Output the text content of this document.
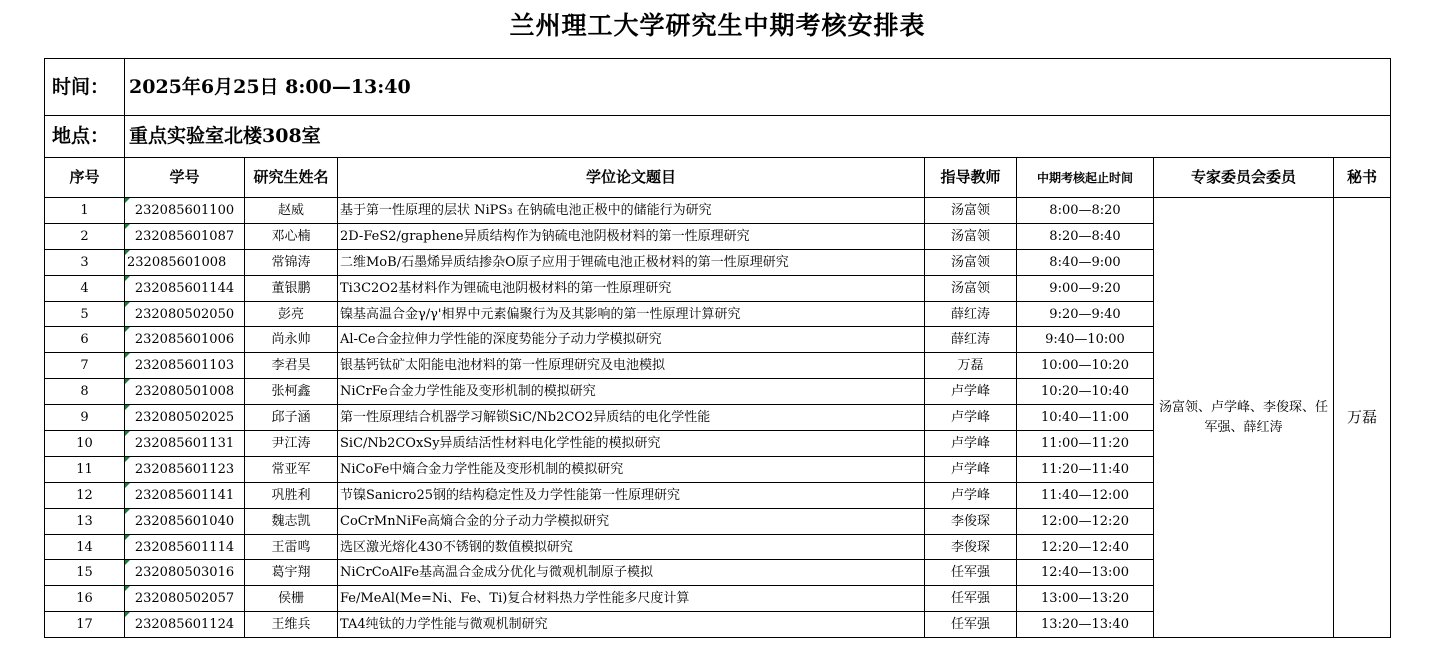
兰州理工大学研究生中期考核安排表
时间：	2025年6月25日 8:00—13:40						
地点：	重点实验室北楼308室						
序号	学号	研究生姓名	学位论文题目	指导教师	中期考核起止时间	专家委员会委员	秘书
1	232085601100	赵威	基于第一性原理的层状 NiPS₃ 在钠硫电池正极中的储能行为研究	汤富领	8:00—8:20	汤富领、卢学峰、李俊琛、任军强、薛红涛	万磊
2	232085601087	邓心楠	2D-FeS2/graphene异质结构作为钠硫电池阴极材料的第一性原理研究	汤富领	8:20—8:40		
3	232085601008	常锦涛	二维MoB/石墨烯异质结掺杂O原子应用于锂硫电池正极材料的第一性原理研究	汤富领	8:40—9:00		
4	232085601144	董银鹏	Ti3C2O2基材料作为锂硫电池阴极材料的第一性原理研究	汤富领	9:00—9:20		
5	232080502050	彭亮	镍基高温合金γ/γ'相界中元素偏聚行为及其影响的第一性原理计算研究	薛红涛	9:20—9:40		
6	232085601006	尚永帅	Al-Ce合金拉伸力学性能的深度势能分子动力学模拟研究	薛红涛	9:40—10:00		
7	232085601103	李君昊	银基钙钛矿太阳能电池材料的第一性原理研究及电池模拟	万磊	10:00—10:20		
8	232080501008	张柯鑫	NiCrFe合金力学性能及变形机制的模拟研究	卢学峰	10:20—10:40		
9	232080502025	邱子涵	第一性原理结合机器学习解锁SiC/Nb2CO2异质结的电化学性能	卢学峰	10:40—11:00		
10	232085601131	尹江涛	SiC/Nb2COxSy异质结活性材料电化学性能的模拟研究	卢学峰	11:00—11:20		
11	232085601123	常亚军	NiCoFe中熵合金力学性能及变形机制的模拟研究	卢学峰	11:20—11:40		
12	232085601141	巩胜利	节镍Sanicro25钢的结构稳定性及力学性能第一性原理研究	卢学峰	11:40—12:00		
13	232085601040	魏志凯	CoCrMnNiFe高熵合金的分子动力学模拟研究	李俊琛	12:00—12:20		
14	232085601114	王雷鸣	选区激光熔化430不锈钢的数值模拟研究	李俊琛	12:20—12:40		
15	232080503016	葛宇翔	NiCrCoAlFe基高温合金成分优化与微观机制原子模拟	任军强	12:40—13:00		
16	232080502057	侯栅	Fe/MeAl(Me=Ni、Fe、Ti)复合材料热力学性能多尺度计算	任军强	13:00—13:20		
17	232085601124	王维兵	TA4纯钛的力学性能与微观机制研究	任军强	13:20—13:40		
